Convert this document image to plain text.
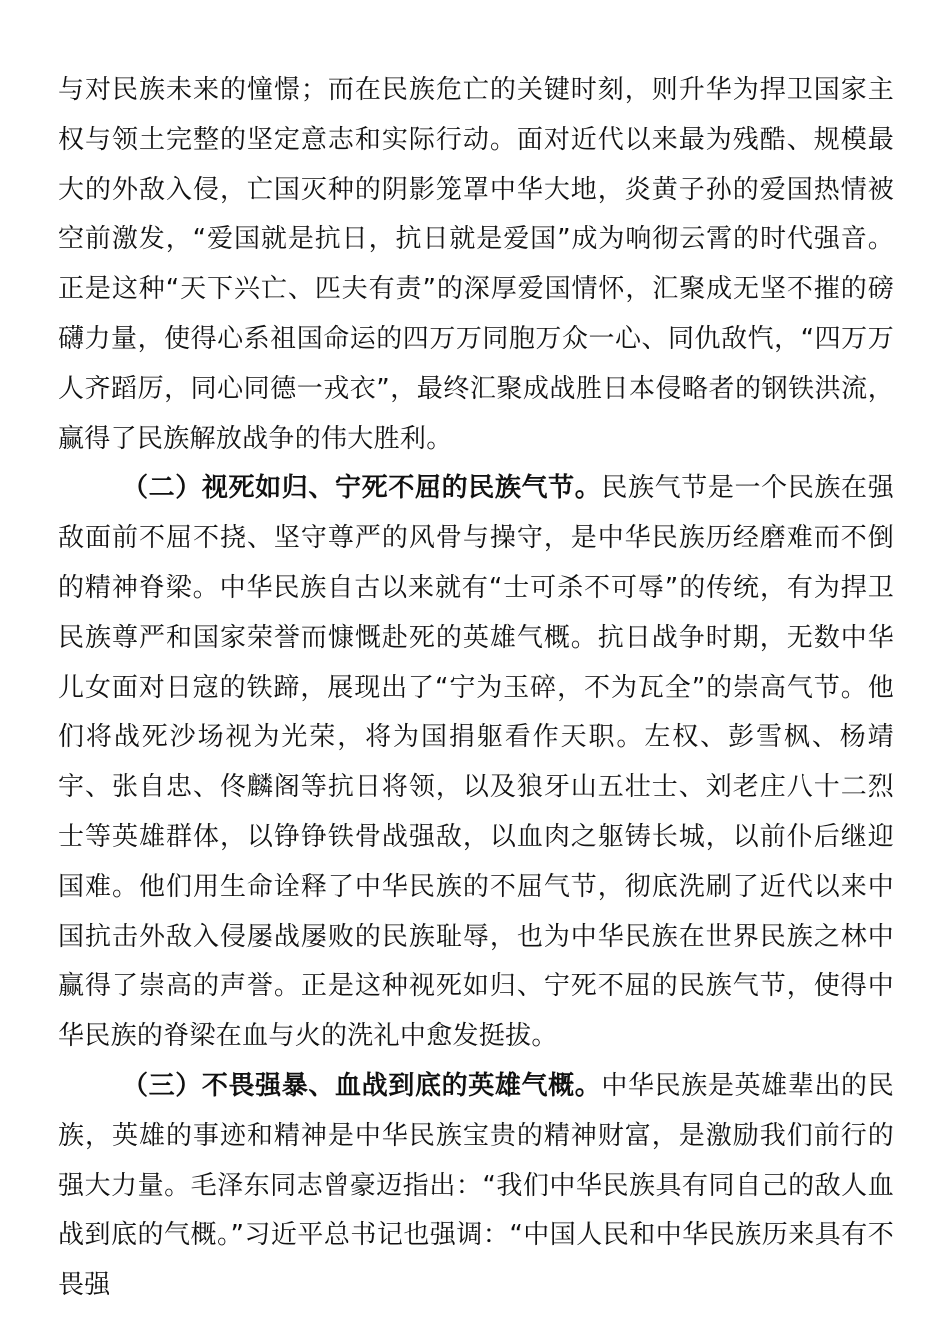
与对民族未来的憧憬；而在民族危亡的关键时刻，则升华为捍卫国家主权与领土完整的坚定意志和实际行动。面对近代以来最为残酷、规模最大的外敌入侵，亡国灭种的阴影笼罩中华大地，炎黄子孙的爱国热情被空前激发，“爱国就是抗日，抗日就是爱国”成为响彻云霄的时代强音。正是这种“天下兴亡、匹夫有责”的深厚爱国情怀，汇聚成无坚不摧的磅礴力量，使得心系祖国命运的四万万同胞万众一心、同仇敌忾，“四万万人齐蹈厉，同心同德一戎衣”，最终汇聚成战胜日本侵略者的钢铁洪流，赢得了民族解放战争的伟大胜利。

（二）视死如归、宁死不屈的民族气节。民族气节是一个民族在强敌面前不屈不挠、坚守尊严的风骨与操守，是中华民族历经磨难而不倒的精神脊梁。中华民族自古以来就有“士可杀不可辱”的传统，有为捍卫民族尊严和国家荣誉而慷慨赴死的英雄气概。抗日战争时期，无数中华儿女面对日寇的铁蹄，展现出了“宁为玉碎，不为瓦全”的崇高气节。他们将战死沙场视为光荣，将为国捐躯看作天职。左权、彭雪枫、杨靖宇、张自忠、佟麟阁等抗日将领，以及狼牙山五壮士、刘老庄八十二烈士等英雄群体，以铮铮铁骨战强敌，以血肉之躯铸长城，以前仆后继迎国难。他们用生命诠释了中华民族的不屈气节，彻底洗刷了近代以来中国抗击外敌入侵屡战屡败的民族耻辱，也为中华民族在世界民族之林中赢得了崇高的声誉。正是这种视死如归、宁死不屈的民族气节，使得中华民族的脊梁在血与火的洗礼中愈发挺拔。

（三）不畏强暴、血战到底的英雄气概。中华民族是英雄辈出的民族，英雄的事迹和精神是中华民族宝贵的精神财富，是激励我们前行的强大力量。毛泽东同志曾豪迈指出：“我们中华民族具有同自己的敌人血战到底的气概。”习近平总书记也强调：“中国人民和中华民族历来具有不畏强
